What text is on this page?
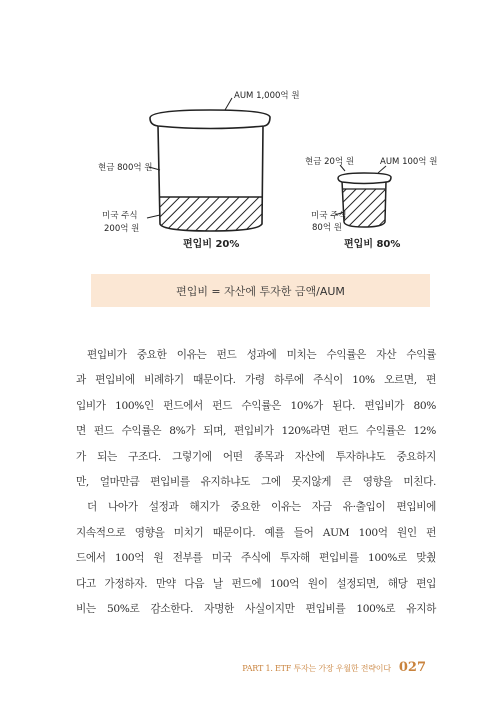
AUM 1,000억 원
현금 800억 원
미국 주식
200억 원
편입비 20%
현금 20억 원	AUM 100억 원
미국 주식
80억 원
편입비 80%
편입비 = 자산에 투자한 금액/AUM

편입비가 중요한 이유는 펀드 성과에 미치는 수익률은 자산 수익률

과 편입비에 비례하기 때문이다. 가령 하루에 주식이 10% 오르면, 편

입비가 100%인 펀드에서 펀드 수익률은 10%가 된다. 편입비가 80%

면 펀드 수익률은 8%가 되며, 편입비가 120%라면 펀드 수익률은 12%

가 되는 구조다. 그렇기에 어떤 종목과 자산에 투자하냐도 중요하지

만, 얼마만큼 편입비를 유지하냐도 그에 못지않게 큰 영향을 미친다.

더 나아가 설정과 해지가 중요한 이유는 자금 유·출입이 편입비에

지속적으로 영향을 미치기 때문이다. 예를 들어 AUM 100억 원인 펀

드에서 100억 원 전부를 미국 주식에 투자해 편입비를 100%로 맞췄

다고 가정하자. 만약 다음 날 펀드에 100억 원이 설정되면, 해당 편입

비는 50%로 감소한다. 자명한 사실이지만 편입비를 100%로 유지하

PART 1. ETF 투자는 가장 우월한 전략이다 027
